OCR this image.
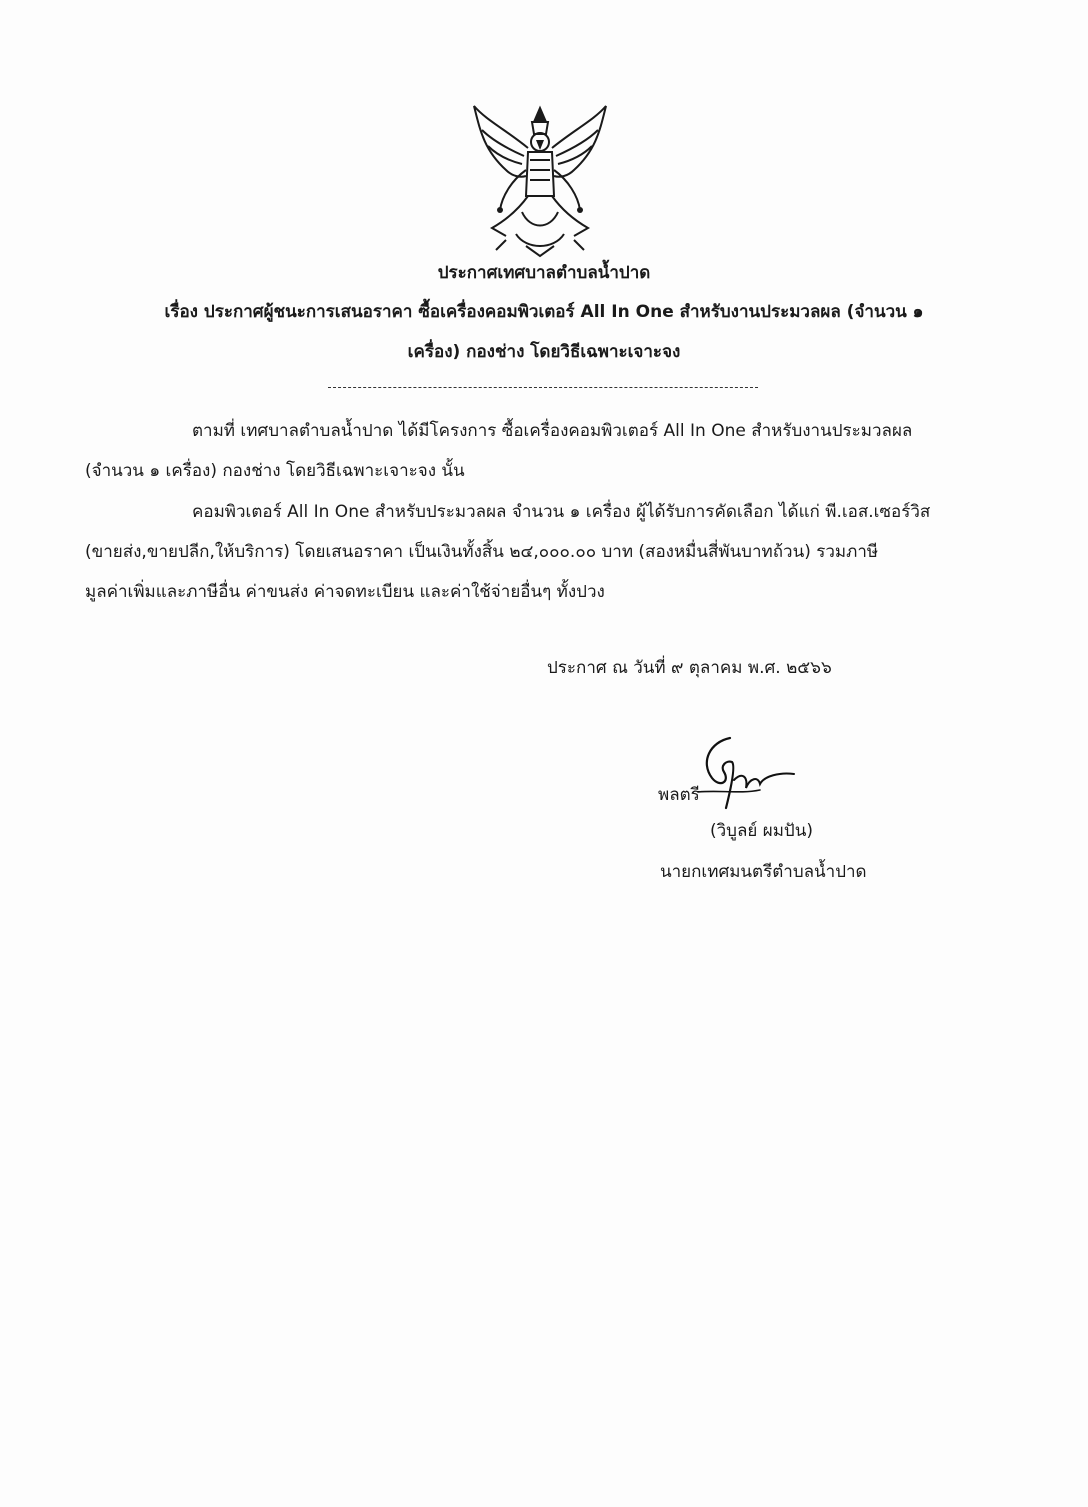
ประกาศเทศบาลตำบลน้ำปาด
เรื่อง ประกาศผู้ชนะการเสนอราคา ซื้อเครื่องคอมพิวเตอร์ All In One สำหรับงานประมวลผล (จำนวน ๑
เครื่อง) กองช่าง โดยวิธีเฉพาะเจาะจง
ตามที่ เทศบาลตำบลน้ำปาด ได้มีโครงการ ซื้อเครื่องคอมพิวเตอร์ All In One สำหรับงานประมวลผล
(จำนวน ๑ เครื่อง) กองช่าง โดยวิธีเฉพาะเจาะจง นั้น
คอมพิวเตอร์ All In One สำหรับประมวลผล จำนวน ๑ เครื่อง ผู้ได้รับการคัดเลือก ได้แก่ พี.เอส.เซอร์วิส
(ขายส่ง,ขายปลีก,ให้บริการ) โดยเสนอราคา เป็นเงินทั้งสิ้น ๒๔,๐๐๐.๐๐ บาท (สองหมื่นสี่พันบาทถ้วน) รวมภาษี
มูลค่าเพิ่มและภาษีอื่น ค่าขนส่ง ค่าจดทะเบียน และค่าใช้จ่ายอื่นๆ ทั้งปวง
ประกาศ ณ วันที่ ๙ ตุลาคม พ.ศ. ๒๕๖๖
พลตรี
(วิบูลย์ ผมปัน)
นายกเทศมนตรีตำบลน้ำปาด
